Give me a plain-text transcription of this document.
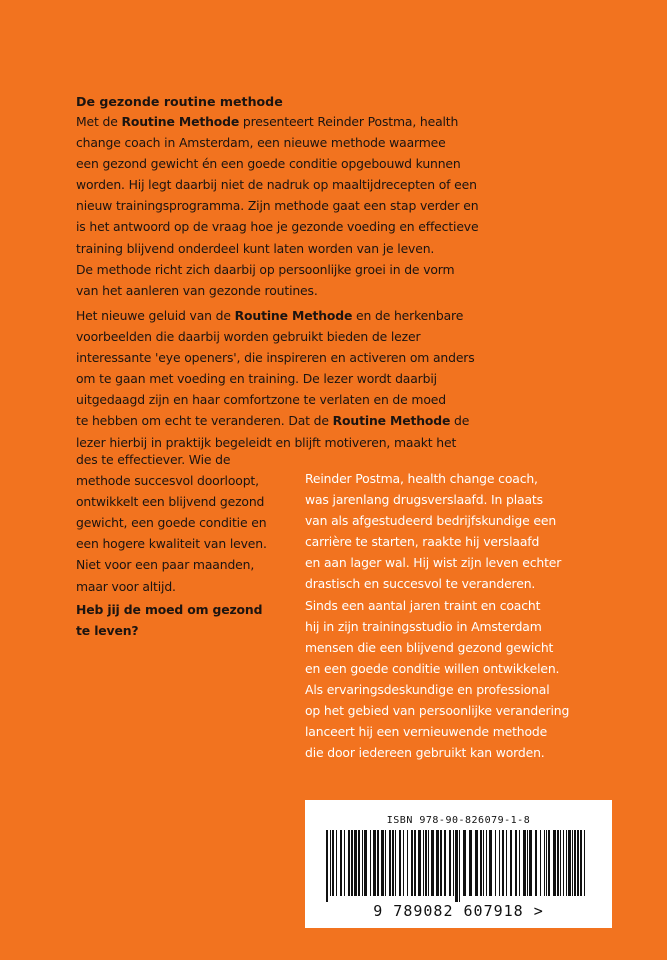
De gezonde routine methode
Met de Routine Methode presenteert Reinder Postma, health
change coach in Amsterdam, een nieuwe methode waarmee
een gezond gewicht én een goede conditie opgebouwd kunnen
worden. Hij legt daarbij niet de nadruk op maaltijdrecepten of een
nieuw trainingsprogramma. Zijn methode gaat een stap verder en
is het antwoord op de vraag hoe je gezonde voeding en effectieve
training blijvend onderdeel kunt laten worden van je leven.
De methode richt zich daarbij op persoonlijke groei in de vorm
van het aanleren van gezonde routines.
Het nieuwe geluid van de Routine Methode en de herkenbare
voorbeelden die daarbij worden gebruikt bieden de lezer
interessante 'eye openers', die inspireren en activeren om anders
om te gaan met voeding en training. De lezer wordt daarbij
uitgedaagd zijn en haar comfortzone te verlaten en de moed
te hebben om echt te veranderen. Dat de Routine Methode de
lezer hierbij in praktijk begeleidt en blijft motiveren, maakt het
des te effectiever. Wie de
methode succesvol doorloopt,
ontwikkelt een blijvend gezond
gewicht, een goede conditie en
een hogere kwaliteit van leven.
Niet voor een paar maanden,
maar voor altijd.
Heb jij de moed om gezond
te leven?
Reinder Postma, health change coach,
was jarenlang drugsverslaafd. In plaats
van als afgestudeerd bedrijfskundige een
carrière te starten, raakte hij verslaafd
en aan lager wal. Hij wist zijn leven echter
drastisch en succesvol te veranderen.
Sinds een aantal jaren traint en coacht
hij in zijn trainingsstudio in Amsterdam
mensen die een blijvend gezond gewicht
en een goede conditie willen ontwikkelen.
Als ervaringsdeskundige en professional
op het gebied van persoonlijke verandering
lanceert hij een vernieuwende methode
die door iedereen gebruikt kan worden.
ISBN 978-90-826079-1-8
9 789082 607918 >
